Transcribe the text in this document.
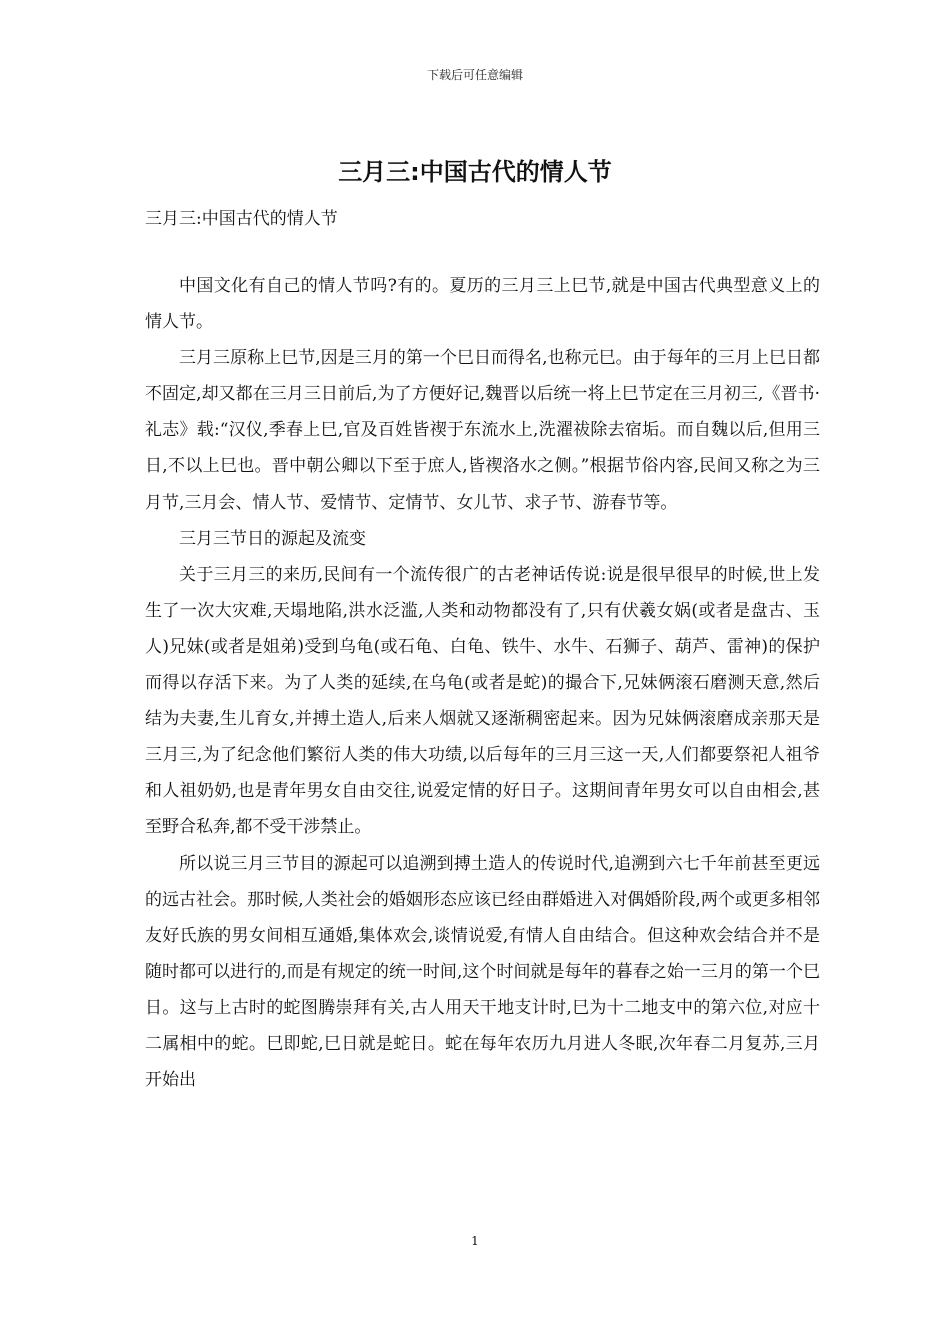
下载后可任意编辑
三月三:中国古代的情人节
三月三:中国古代的情人节

中国文化有自己的情人节吗?有的。夏历的三月三上巳节,就是中国古代典型意义上的情人节。

三月三原称上巳节,因是三月的第一个巳日而得名,也称元巳。由于每年的三月上巳日都不固定,却又都在三月三日前后,为了方便好记,魏晋以后统一将上巳节定在三月初三,《晋书·礼志》载:“汉仪,季春上巳,官及百姓皆禊于东流水上,洗濯祓除去宿垢。而自魏以后,但用三日,不以上巳也。晋中朝公卿以下至于庶人,皆禊洛水之侧。”根据节俗内容,民间又称之为三月节,三月会、情人节、爱情节、定情节、女儿节、求子节、游春节等。

三月三节日的源起及流变

关于三月三的来历,民间有一个流传很广的古老神话传说:说是很早很早的时候,世上发生了一次大灾难,天塌地陷,洪水泛滥,人类和动物都没有了,只有伏羲女娲(或者是盘古、玉人)兄妹(或者是姐弟)受到乌龟(或石龟、白龟、铁牛、水牛、石狮子、葫芦、雷神)的保护而得以存活下来。为了人类的延续,在乌龟(或者是蛇)的撮合下,兄妹俩滚石磨测天意,然后结为夫妻,生儿育女,并搏土造人,后来人烟就又逐渐稠密起来。因为兄妹俩滚磨成亲那天是三月三,为了纪念他们繁衍人类的伟大功绩,以后每年的三月三这一天,人们都要祭祀人祖爷和人祖奶奶,也是青年男女自由交往,说爱定情的好日子。这期间青年男女可以自由相会,甚至野合私奔,都不受干涉禁止。

所以说三月三节目的源起可以追溯到搏土造人的传说时代,追溯到六七千年前甚至更远的远古社会。那时候,人类社会的婚姻形态应该已经由群婚进入对偶婚阶段,两个或更多相邻友好氏族的男女间相互通婚,集体欢会,谈情说爱,有情人自由结合。但这种欢会结合并不是随时都可以进行的,而是有规定的统一时间,这个时间就是每年的暮春之始一三月的第一个巳日。这与上古时的蛇图腾崇拜有关,古人用天干地支计时,巳为十二地支中的第六位,对应十二属相中的蛇。巳即蛇,巳日就是蛇日。蛇在每年农历九月进人冬眠,次年春二月复苏,三月开始出

1
